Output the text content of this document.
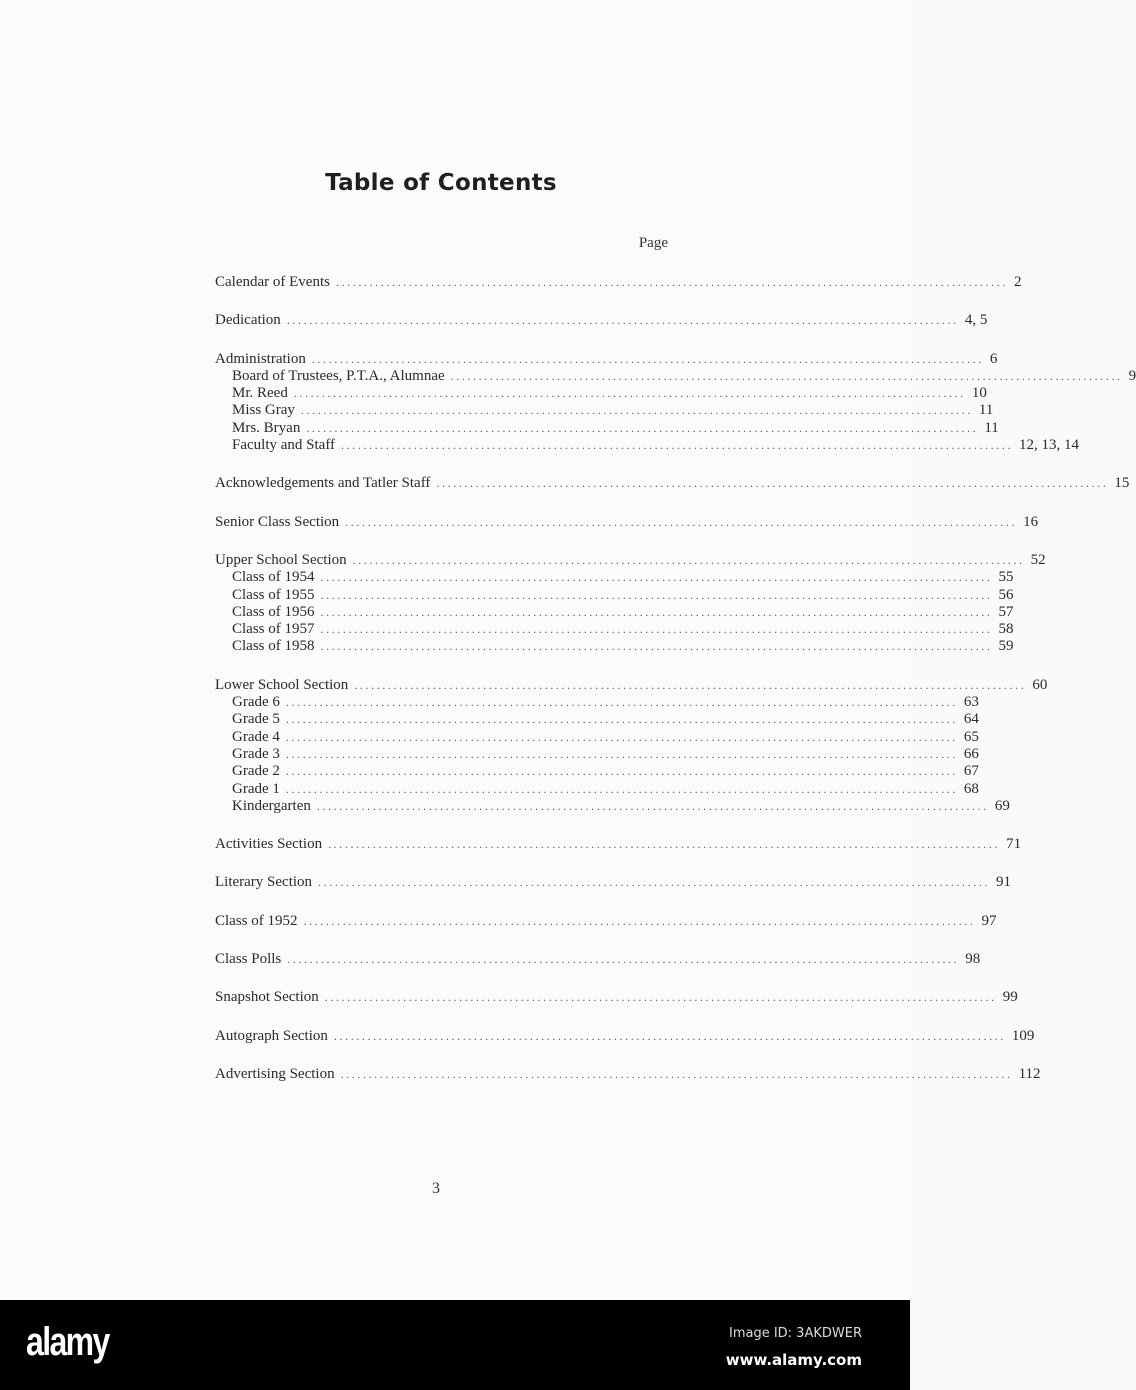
Table of Contents
Page
Calendar of Events ........................................................................................................................ 2
Dedication ........................................................................................................................ 4, 5
Administration ........................................................................................................................ 6
Board of Trustees, P.T.A., Alumnae ........................................................................................................................ 9
Mr. Reed ........................................................................................................................ 10
Miss Gray ........................................................................................................................ 11
Mrs. Bryan ........................................................................................................................ 11
Faculty and Staff ........................................................................................................................ 12, 13, 14
Acknowledgements and Tatler Staff ........................................................................................................................ 15
Senior Class Section ........................................................................................................................ 16
Upper School Section ........................................................................................................................ 52
Class of 1954 ........................................................................................................................ 55
Class of 1955 ........................................................................................................................ 56
Class of 1956 ........................................................................................................................ 57
Class of 1957 ........................................................................................................................ 58
Class of 1958 ........................................................................................................................ 59
Lower School Section ........................................................................................................................ 60
Grade 6 ........................................................................................................................ 63
Grade 5 ........................................................................................................................ 64
Grade 4 ........................................................................................................................ 65
Grade 3 ........................................................................................................................ 66
Grade 2 ........................................................................................................................ 67
Grade 1 ........................................................................................................................ 68
Kindergarten ........................................................................................................................ 69
Activities Section ........................................................................................................................ 71
Literary Section ........................................................................................................................ 91
Class of 1952 ........................................................................................................................ 97
Class Polls ........................................................................................................................ 98
Snapshot Section ........................................................................................................................ 99
Autograph Section ........................................................................................................................ 109
Advertising Section ........................................................................................................................ 112
3
alamy	Image ID: 3AKDWER
www.alamy.com
